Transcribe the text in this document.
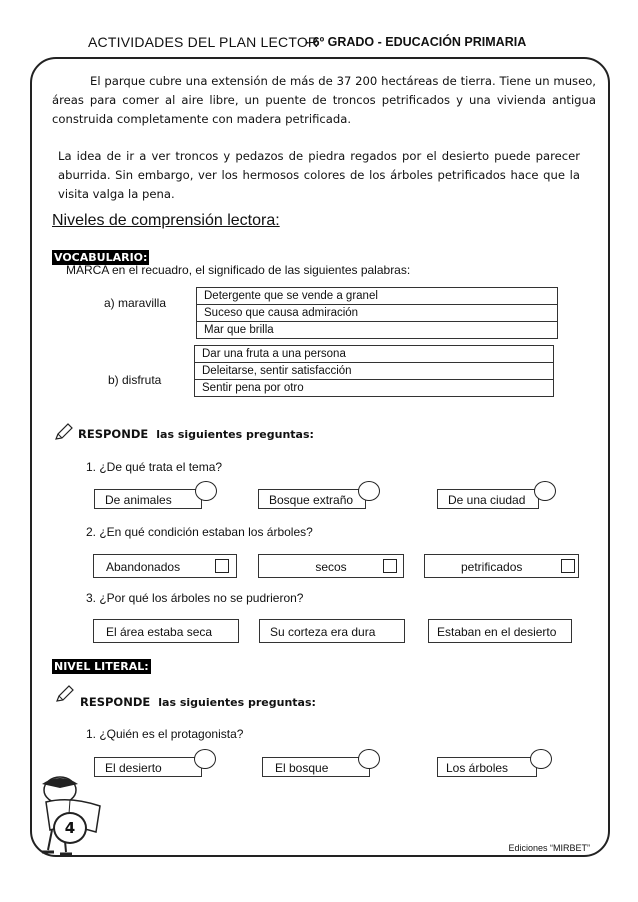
ACTIVIDADES DEL PLAN LECTOR
- 6º GRADO - EDUCACIÓN PRIMARIA
El parque cubre una extensión de más de 37 200 hectáreas de tierra. Tiene un museo, áreas para comer al aire libre, un puente de troncos petrificados y una vivienda antigua construida completamente con madera petrificada.
La idea de ir a ver troncos y pedazos de piedra regados por el desierto puede parecer aburrida. Sin embargo, ver los hermosos colores de los árboles petrificados hace que la visita valga la pena.
Niveles de comprensión lectora:
VOCABULARIO:
MARCA en el recuadro, el significado de las siguientes palabras:
a) maravilla	Detergente que se vende a granel
Suceso que causa admiración
Mar que brilla
b) disfruta
Dar una fruta a una persona
Deleitarse, sentir satisfacción
Sentir pena por otro
RESPONDE las siguientes preguntas:
1. ¿De qué trata el tema?
De animales	Bosque extraño	De una ciudad
2. ¿En qué condición estaban los árboles?
Abandonados	secos	petrificados
3. ¿Por qué los árboles no se pudrieron?
El área estaba seca	Su corteza era dura	Estaban en el desierto
NIVEL LITERAL:
RESPONDE las siguientes preguntas:
1. ¿Quién es el protagonista?
El desierto	El bosque	Los árboles
4
Ediciones “MIRBET”
